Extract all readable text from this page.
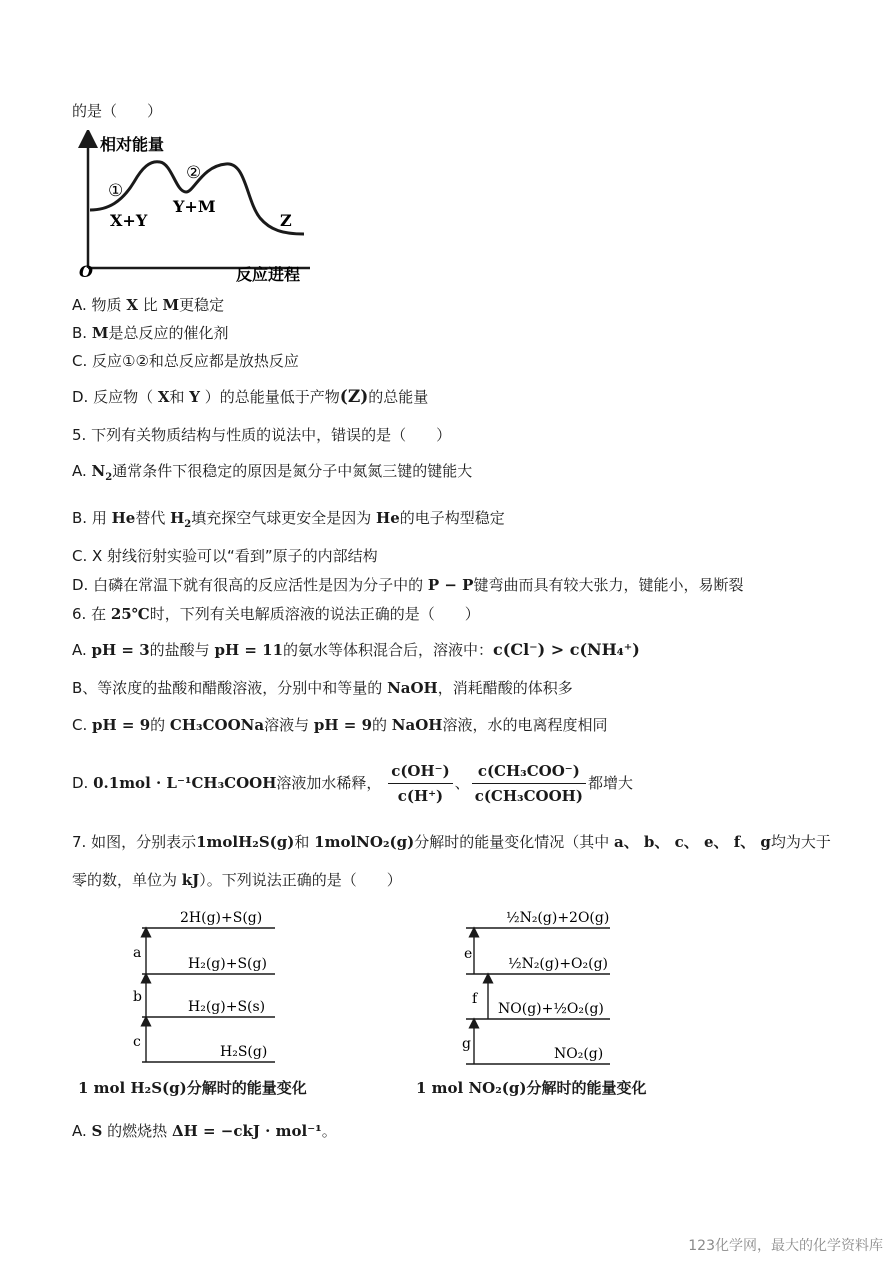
的是（　　）
相对能量
O	反应进程
①
②
X+Y
Y+M
Z
A. 物质 X 比 M更稳定
B. M是总反应的催化剂
C. 反应①②和总反应都是放热反应
D. 反应物（ X和 Y ）的总能量低于产物(Z)的总能量
5. 下列有关物质结构与性质的说法中，错误的是（　　）
A. $N_2$通常条件下很稳定的原因是氮分子中氮氮三键的键能大
B. 用 He替代 $H_2$填充探空气球更安全是因为 He的电子构型稳定
C. X 射线衍射实验可以“看到”原子的内部结构
D. 白磷在常温下就有很高的反应活性是因为分子中的 P − P键弯曲而具有较大张力，键能小，易断裂
6. 在 25℃时，下列有关电解质溶液的说法正确的是（　　）
A. pH = 3的盐酸与 pH = 11的氨水等体积混合后，溶液中：c(Cl⁻) > c(NH₄⁺)
B、等浓度的盐酸和醋酸溶液，分别中和等量的 NaOH，消耗醋酸的体积多
C. pH = 9的 CH₃COONa溶液与 pH = 9的 NaOH溶液，水的电离程度相同
D. 0.1mol · L⁻¹CH₃COOH溶液加水稀释， $\frac{c(OH^-)}{c(H^+)}$ 、 $\frac{\text{c(CH₃COO⁻)}}{\text{c(CH₃COOH)}}$ 都增大
7. 如图，分别表示1molH₂S(g)和 1molNO₂(g)分解时的能量变化情况（其中 a、 b、 c、 e、 f、 g均为大于
零的数，单位为 kJ）。下列说法正确的是（　　）
2H(g)+S(g)
H₂(g)+S(g)
H₂(g)+S(s)
H₂S(g)
a
b
c
1 mol H₂S(g)分解时的能量变化
½N₂(g)+2O(g)
½N₂(g)+O₂(g)
NO(g)+½O₂(g)
NO₂(g)
e
f
g
1 mol NO₂(g)分解时的能量变化
A. S 的燃烧热 ΔH = −ckJ · mol⁻¹。
123化学网，最大的化学资料库
